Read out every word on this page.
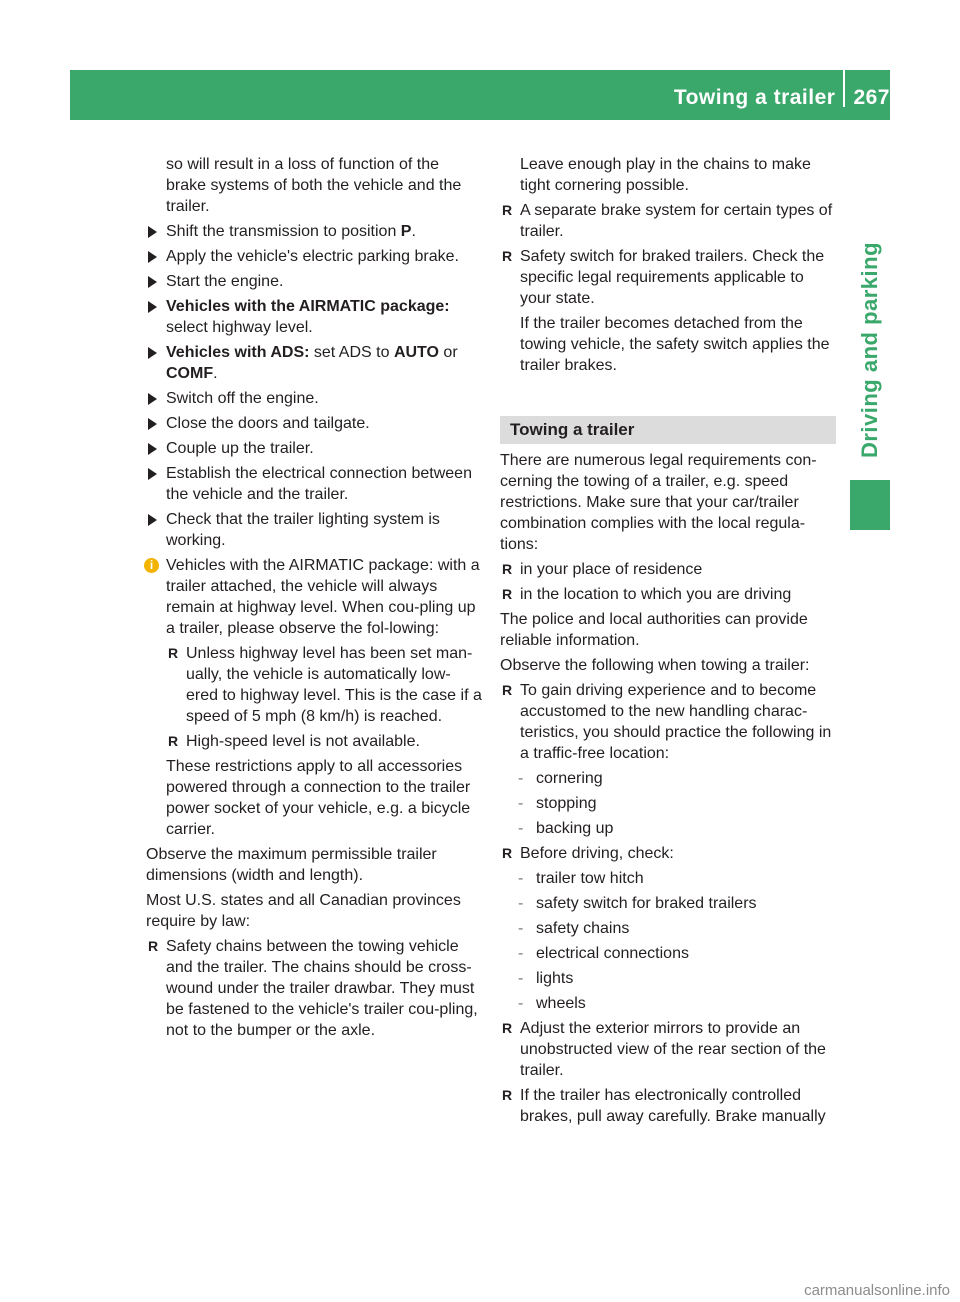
Towing a trailer 267
Driving and parking

so will result in a loss of function of the brake systems of both the vehicle and the trailer.

Shift the transmission to position P.
Apply the vehicle's electric parking brake.
Start the engine.
Vehicles with the AIRMATIC package: select highway level.
Vehicles with ADS: set ADS to AUTO or COMF.
Switch off the engine.
Close the doors and tailgate.
Couple up the trailer.
Establish the electrical connection between the vehicle and the trailer.
Check that the trailer lighting system is working.
i Vehicles with the AIRMATIC package: with a trailer attached, the vehicle will always remain at highway level. When cou-pling up a trailer, please observe the fol-lowing:

R Unless highway level has been set man-ually, the vehicle is automatically low-ered to highway level. This is the case if a speed of 5 mph (8 km/h) is reached.
R High-speed level is not available.

These restrictions apply to all accessories powered through a connection to the trailer power socket of your vehicle, e.g. a bicycle carrier.

Observe the maximum permissible trailer dimensions (width and length).

Most U.S. states and all Canadian provinces require by law:

R Safety chains between the towing vehicle and the trailer. The chains should be cross-wound under the trailer drawbar. They must be fastened to the vehicle's trailer cou-pling, not to the bumper or the axle.

Leave enough play in the chains to make tight cornering possible.

R A separate brake system for certain types of trailer.
R Safety switch for braked trailers. Check the specific legal requirements applicable to your state.

If the trailer becomes detached from the towing vehicle, the safety switch applies the trailer brakes.

Towing a trailer

There are numerous legal requirements con-cerning the towing of a trailer, e.g. speed restrictions. Make sure that your car/trailer combination complies with the local regula-tions:

R in your place of residence
R in the location to which you are driving

The police and local authorities can provide reliable information.

Observe the following when towing a trailer:

R To gain driving experience and to become accustomed to the new handling charac-teristics, you should practice the following in a traffic-free location:
- cornering
- stopping
- backing up
R Before driving, check:
- trailer tow hitch
- safety switch for braked trailers
- safety chains
- electrical connections
- lights
- wheels
R Adjust the exterior mirrors to provide an unobstructed view of the rear section of the trailer.
R If the trailer has electronically controlled brakes, pull away carefully. Brake manually
carmanualsonline.info
